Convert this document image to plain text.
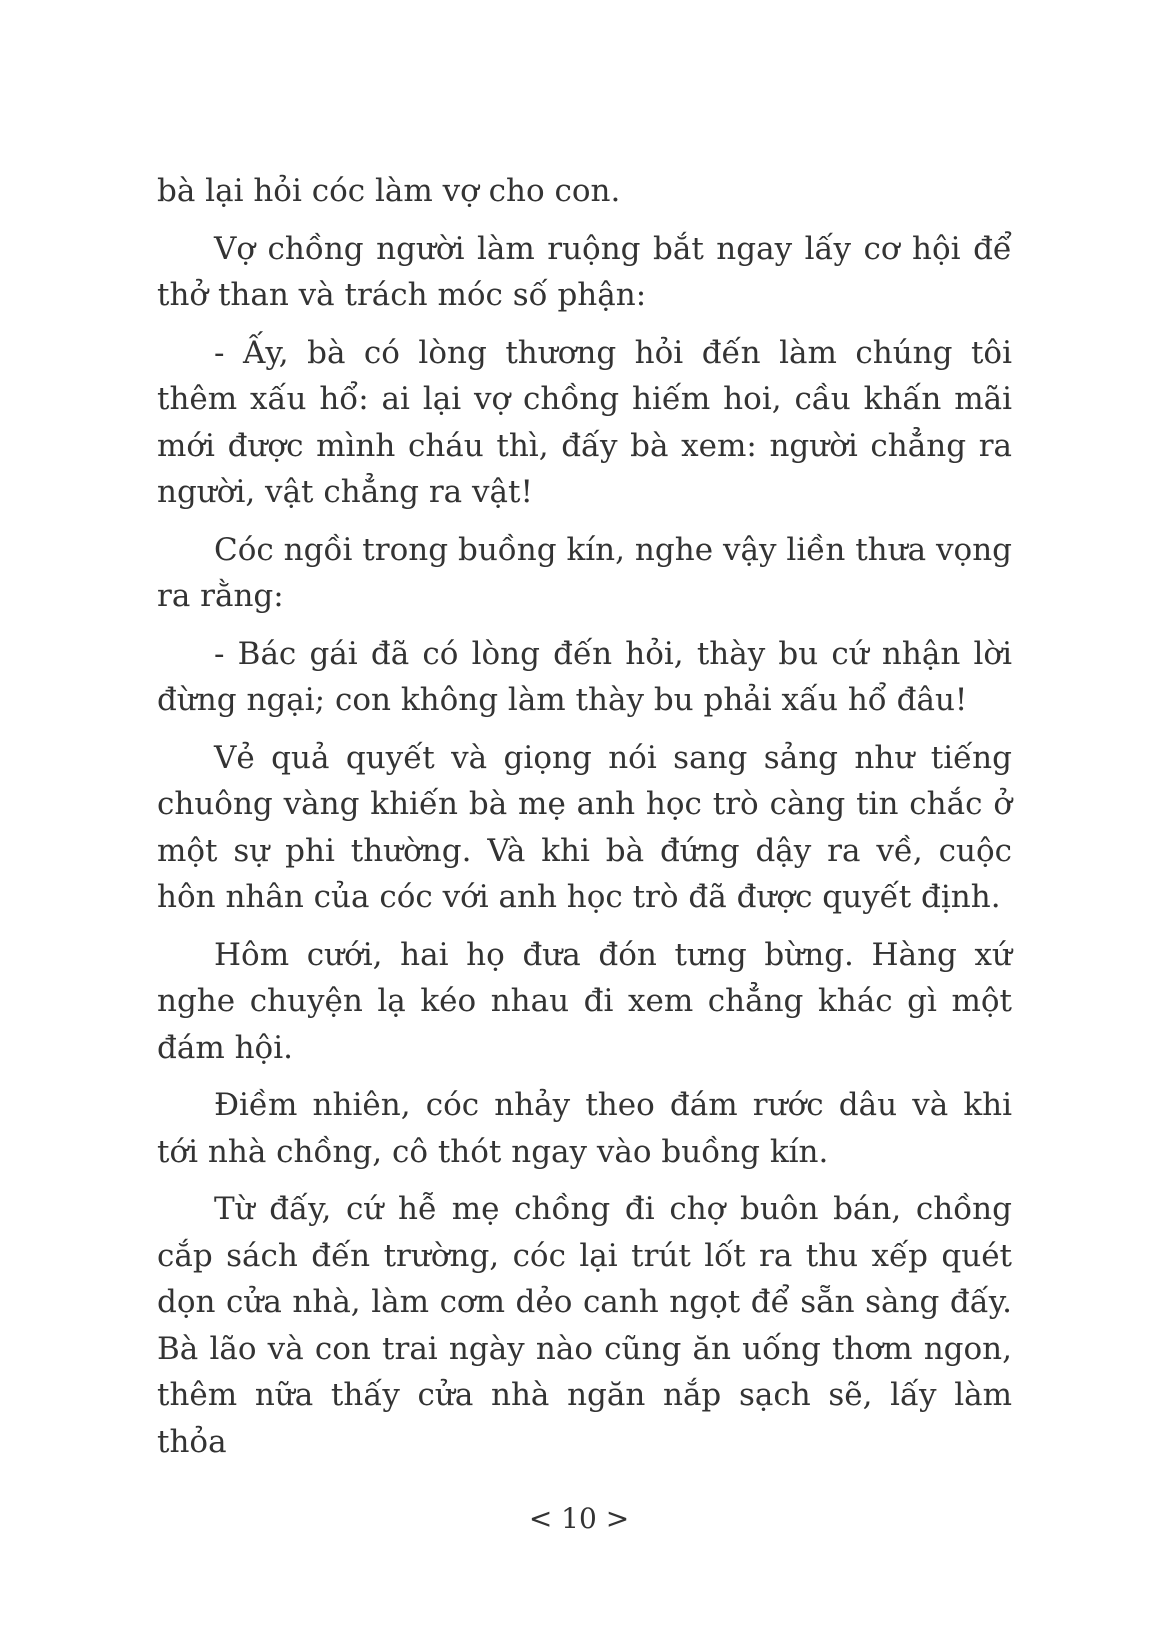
bà lại hỏi cóc làm vợ cho con.

Vợ chồng người làm ruộng bắt ngay lấy cơ hội để thở than và trách móc số phận:

- Ấy, bà có lòng thương hỏi đến làm chúng tôi thêm xấu hổ: ai lại vợ chồng hiếm hoi, cầu khấn mãi mới được mình cháu thì, đấy bà xem: người chẳng ra người, vật chẳng ra vật!

Cóc ngồi trong buồng kín, nghe vậy liền thưa vọng ra rằng:

- Bác gái đã có lòng đến hỏi, thày bu cứ nhận lời đừng ngại; con không làm thày bu phải xấu hổ đâu!

Vẻ quả quyết và giọng nói sang sảng như tiếng chuông vàng khiến bà mẹ anh học trò càng tin chắc ở một sự phi thường. Và khi bà đứng dậy ra về, cuộc hôn nhân của cóc với anh học trò đã được quyết định.

Hôm cưới, hai họ đưa đón tưng bừng. Hàng xứ nghe chuyện lạ kéo nhau đi xem chẳng khác gì một đám hội.

Điềm nhiên, cóc nhảy theo đám rước dâu và khi tới nhà chồng, cô thót ngay vào buồng kín.

Từ đấy, cứ hễ mẹ chồng đi chợ buôn bán, chồng cắp sách đến trường, cóc lại trút lốt ra thu xếp quét dọn cửa nhà, làm cơm dẻo canh ngọt để sẵn sàng đấy. Bà lão và con trai ngày nào cũng ăn uống thơm ngon, thêm nữa thấy cửa nhà ngăn nắp sạch sẽ, lấy làm thỏa

< 10 >
